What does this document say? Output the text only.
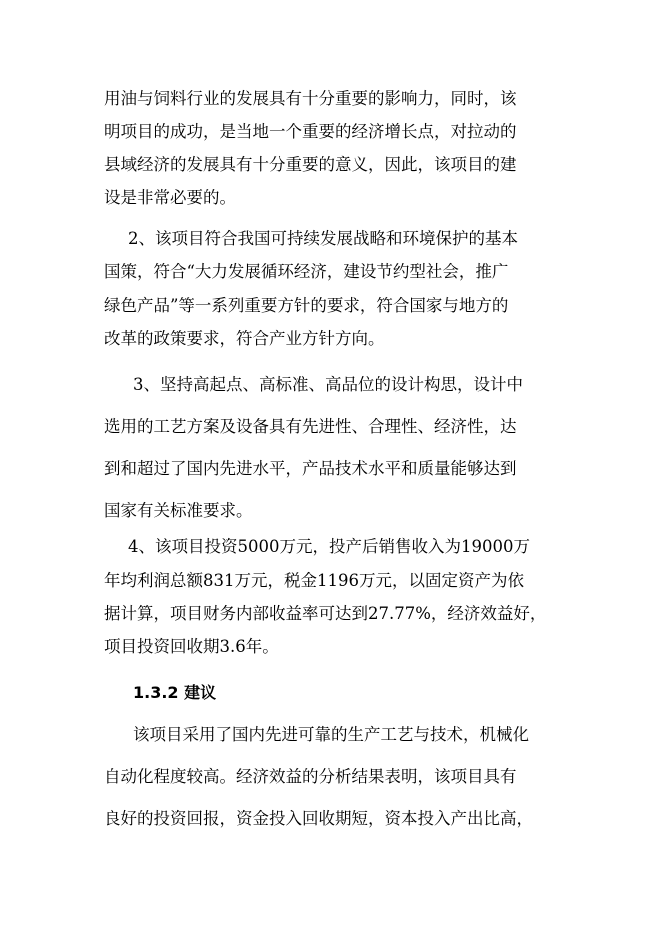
用油与饲料行业的发展具有十分重要的影响力，同时，该
明项目的成功，是当地一个重要的经济增长点，对拉动的
县域经济的发展具有十分重要的意义，因此，该项目的建
设是非常必要的。
2、该项目符合我国可持续发展战略和环境保护的基本
国策，符合“大力发展循环经济，建设节约型社会，推广
绿色产品”等一系列重要方针的要求，符合国家与地方的
改革的政策要求，符合产业方针方向。
3、坚持高起点、高标准、高品位的设计构思，设计中
选用的工艺方案及设备具有先进性、合理性、经济性，达
到和超过了国内先进水平，产品技术水平和质量能够达到
国家有关标准要求。
4、该项目投资5000万元，投产后销售收入为19000万
年均利润总额831万元，税金1196万元，以固定资产为依
据计算，项目财务内部收益率可达到27.77%，经济效益好，
项目投资回收期3.6年。
1.3.2 建议
该项目采用了国内先进可靠的生产工艺与技术，机械化
自动化程度较高。经济效益的分析结果表明，该项目具有
良好的投资回报，资金投入回收期短，资本投入产出比高，
